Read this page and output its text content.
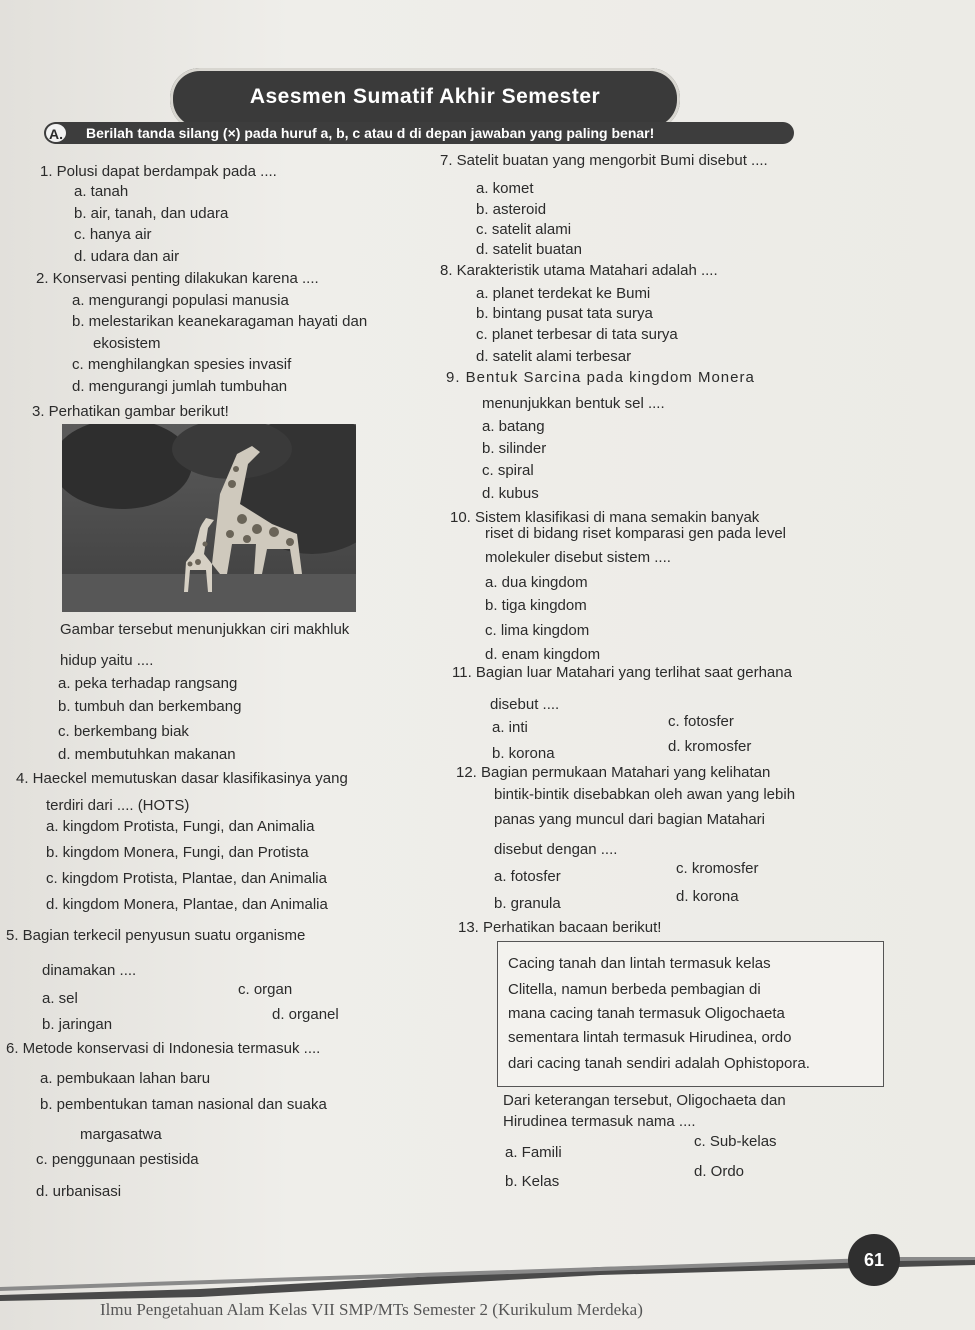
Asesmen Sumatif Akhir Semester
A.	Berilah tanda silang (×) pada huruf a, b, c atau d di depan jawaban yang paling benar!
1. Polusi dapat berdampak pada ....
a. tanah
b. air, tanah, dan udara
c. hanya air
d. udara dan air
2. Konservasi penting dilakukan karena ....
a. mengurangi populasi manusia
b. melestarikan keanekaragaman hayati dan
ekosistem
c. menghilangkan spesies invasif
d. mengurangi jumlah tumbuhan
3. Perhatikan gambar berikut!
Gambar tersebut menunjukkan ciri makhluk
hidup yaitu ....
a. peka terhadap rangsang
b. tumbuh dan berkembang
c. berkembang biak
d. membutuhkan makanan
4. Haeckel memutuskan dasar klasifikasinya yang
terdiri dari .... (HOTS)
a. kingdom Protista, Fungi, dan Animalia
b. kingdom Monera, Fungi, dan Protista
c. kingdom Protista, Plantae, dan Animalia
d. kingdom Monera, Plantae, dan Animalia
5. Bagian terkecil penyusun suatu organisme
dinamakan ....
a. sel
b. jaringan
c. organ
d. organel
6. Metode konservasi di Indonesia termasuk ....
a. pembukaan lahan baru
b. pembentukan taman nasional dan suaka
margasatwa
c. penggunaan pestisida
d. urbanisasi
7. Satelit buatan yang mengorbit Bumi disebut ....
a. komet
b. asteroid
c. satelit alami
d. satelit buatan
8. Karakteristik utama Matahari adalah ....
a. planet terdekat ke Bumi
b. bintang pusat tata surya
c. planet terbesar di tata surya
d. satelit alami terbesar
9. Bentuk Sarcina pada kingdom Monera
menunjukkan bentuk sel ....
a. batang
b. silinder
c. spiral
d. kubus
10. Sistem klasifikasi di mana semakin banyak
riset di bidang riset komparasi gen pada level
molekuler disebut sistem ....
a. dua kingdom
b. tiga kingdom
c. lima kingdom
d. enam kingdom
11. Bagian luar Matahari yang terlihat saat gerhana
disebut ....
a. inti
b. korona
c. fotosfer
d. kromosfer
12. Bagian permukaan Matahari yang kelihatan
bintik-bintik disebabkan oleh awan yang lebih
panas yang muncul dari bagian Matahari
disebut dengan ....
a. fotosfer
b. granula
c. kromosfer
d. korona
13. Perhatikan bacaan berikut!
Cacing tanah dan lintah termasuk kelas
Clitella, namun berbeda pembagian di
mana cacing tanah termasuk Oligochaeta
sementara lintah termasuk Hirudinea, ordo
dari cacing tanah sendiri adalah Ophistopora.
Dari keterangan tersebut, Oligochaeta dan
Hirudinea termasuk nama ....
a. Famili
b. Kelas
c. Sub-kelas
d. Ordo
61
Ilmu Pengetahuan Alam Kelas VII SMP/MTs Semester 2 (Kurikulum Merdeka)
